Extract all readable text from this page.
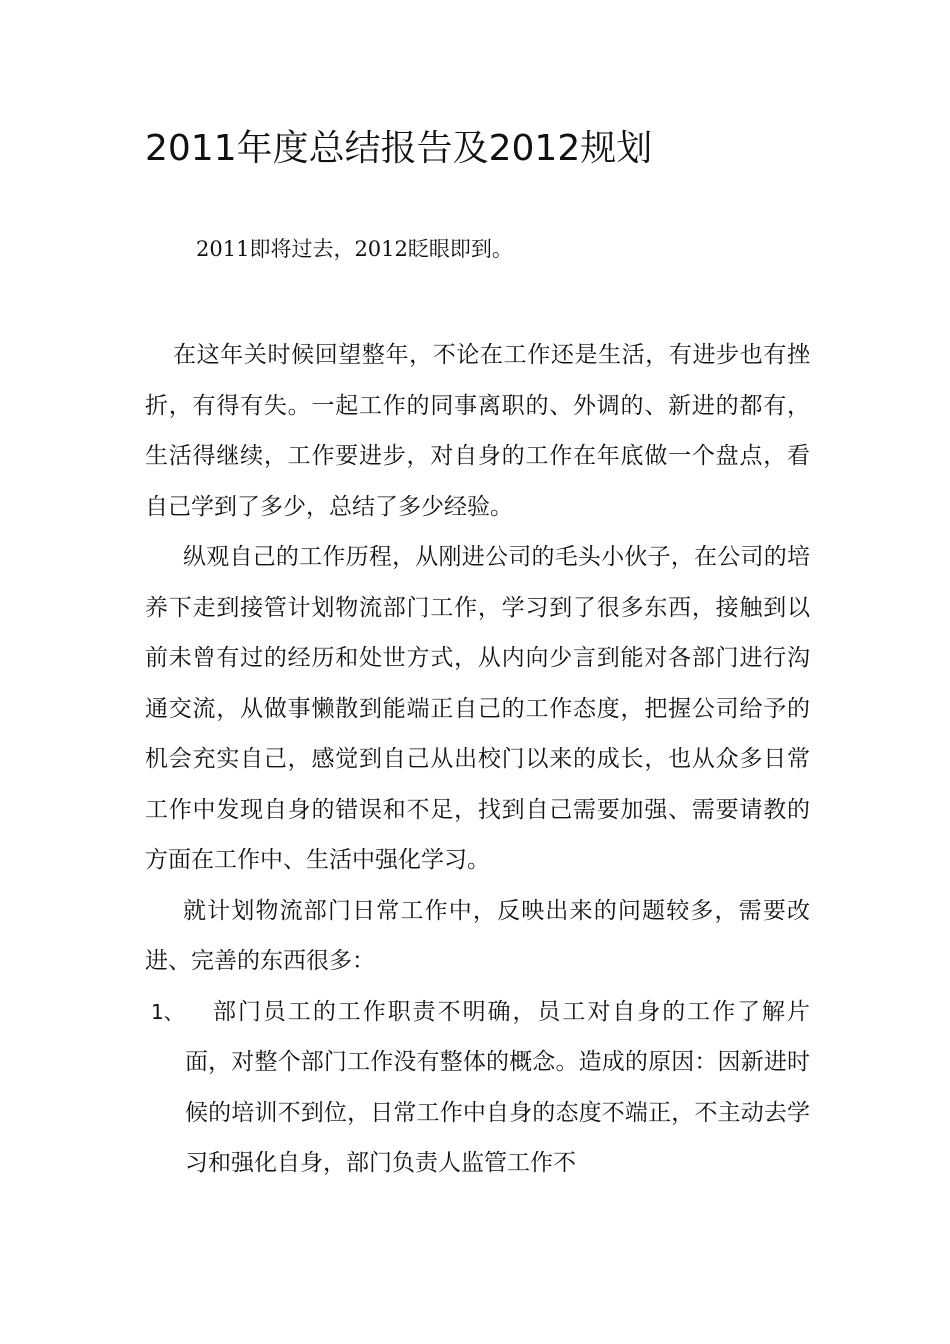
2011年度总结报告及2012规划

2011即将过去，2012眨眼即到。

在这年关时候回望整年，不论在工作还是生活，有进步也有挫折，有得有失。一起工作的同事离职的、外调的、新进的都有，生活得继续，工作要进步，对自身的工作在年底做一个盘点，看自己学到了多少，总结了多少经验。

纵观自己的工作历程，从刚进公司的毛头小伙子，在公司的培养下走到接管计划物流部门工作，学习到了很多东西，接触到以前未曾有过的经历和处世方式，从内向少言到能对各部门进行沟通交流，从做事懒散到能端正自己的工作态度，把握公司给予的机会充实自己，感觉到自己从出校门以来的成长，也从众多日常工作中发现自身的错误和不足，找到自己需要加强、需要请教的方面在工作中、生活中强化学习。

就计划物流部门日常工作中，反映出来的问题较多，需要改进、完善的东西很多：

1、	部门员工的工作职责不明确，员工对自身的工作了解片面，对整个部门工作没有整体的概念。造成的原因：因新进时候的培训不到位，日常工作中自身的态度不端正，不主动去学习和强化自身，部门负责人监管工作不
